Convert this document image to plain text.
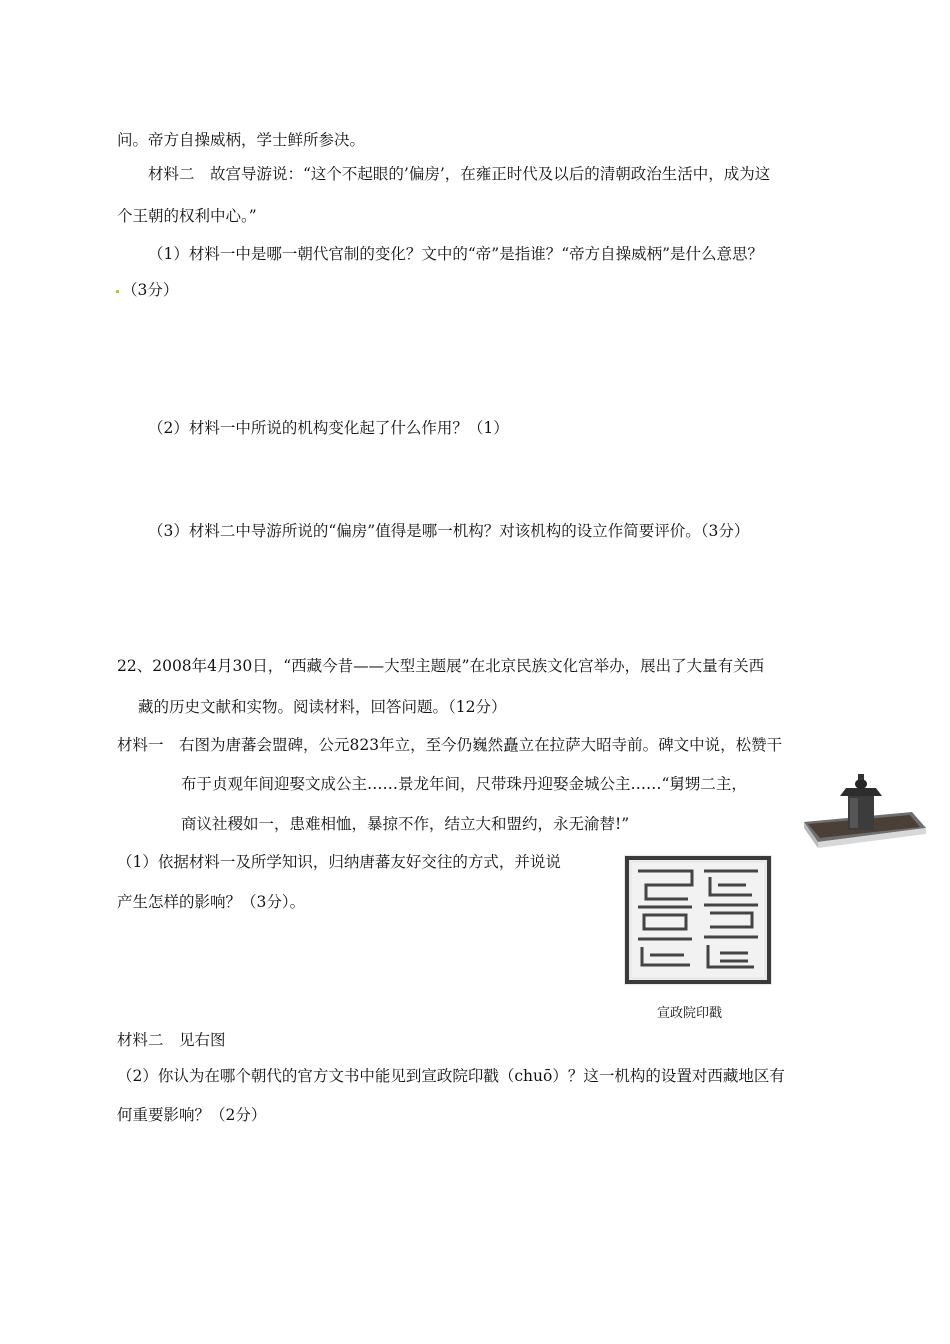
问。帝方自操威柄，学士鲜所参决。
材料二　故宫导游说：“这个不起眼的’偏房’，在雍正时代及以后的清朝政治生活中，成为这
个王朝的权利中心。”
（1）材料一中是哪一朝代官制的变化？文中的“帝”是指谁？“帝方自操威柄”是什么意思？
（3分）
（2）材料一中所说的机构变化起了什么作用？（1）
（3）材料二中导游所说的“偏房”值得是哪一机构？对该机构的设立作简要评价。（3分）
22、2008年4月30日，“西藏今昔——大型主题展”在北京民族文化宫举办，展出了大量有关西
藏的历史文献和实物。阅读材料，回答问题。（12分）
材料一　右图为唐蕃会盟碑，公元823年立，至今仍巍然矗立在拉萨大昭寺前。碑文中说，松赞干
布于贞观年间迎娶文成公主……景龙年间，尺带珠丹迎娶金城公主……“舅甥二主，
商议社稷如一，患难相恤，暴掠不作，结立大和盟约，永无渝替!”
（1）依据材料一及所学知识，归纳唐蕃友好交往的方式，并说说
产生怎样的影响？（3分）。
宣政院印戳
材料二　见右图
（2）你认为在哪个朝代的官方文书中能见到宣政院印戳（chuō）？这一机构的设置对西藏地区有
何重要影响？（2分）
